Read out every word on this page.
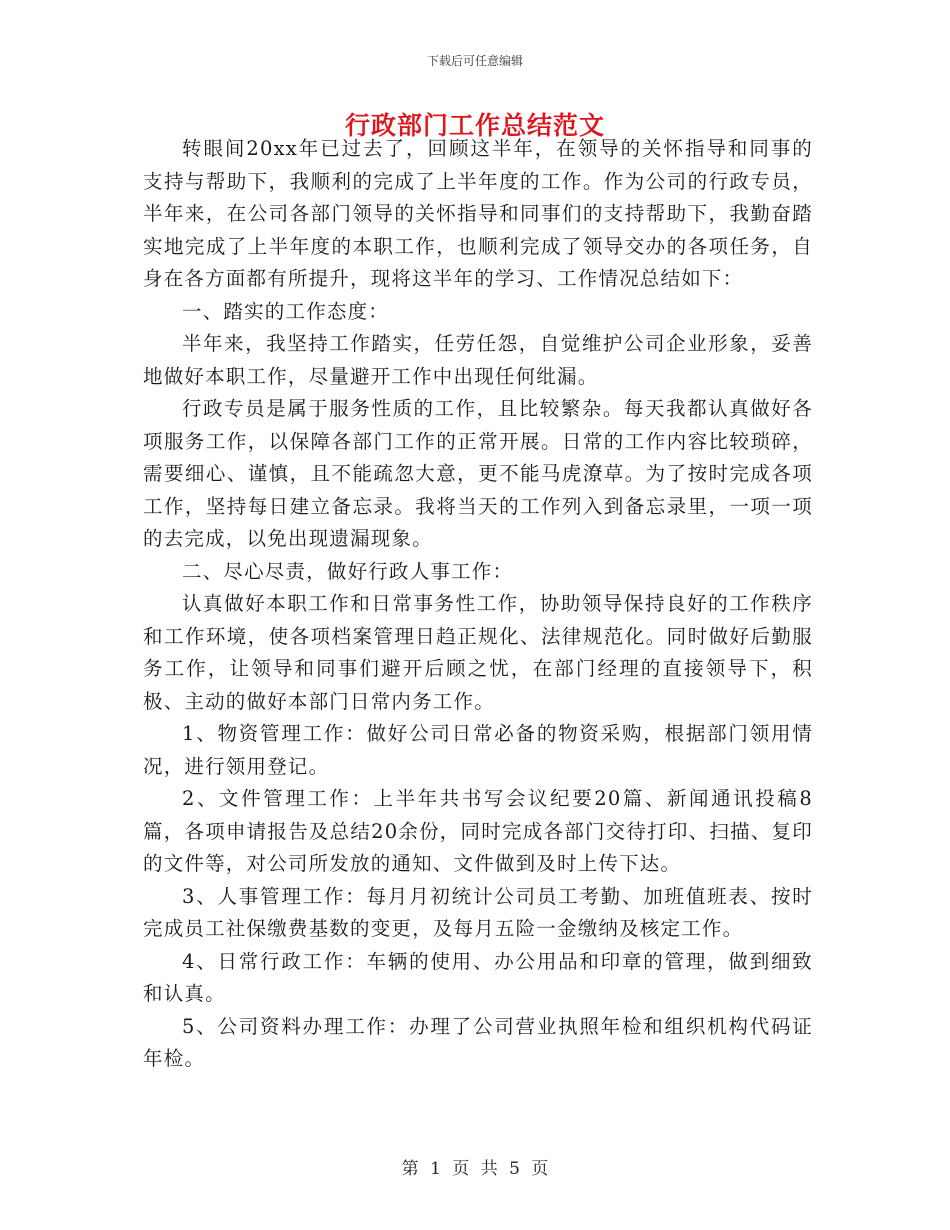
下载后可任意编辑
行政部门工作总结范文

转眼间20xx年已过去了，回顾这半年，在领导的关怀指导和同事的支持与帮助下，我顺利的完成了上半年度的工作。作为公司的行政专员，半年来，在公司各部门领导的关怀指导和同事们的支持帮助下，我勤奋踏实地完成了上半年度的本职工作，也顺利完成了领导交办的各项任务，自身在各方面都有所提升，现将这半年的学习、工作情况总结如下：

一、踏实的工作态度：

半年来，我坚持工作踏实，任劳任怨，自觉维护公司企业形象，妥善地做好本职工作，尽量避开工作中出现任何纰漏。

行政专员是属于服务性质的工作，且比较繁杂。每天我都认真做好各项服务工作，以保障各部门工作的正常开展。日常的工作内容比较琐碎，需要细心、谨慎，且不能疏忽大意，更不能马虎潦草。为了按时完成各项工作，坚持每日建立备忘录。我将当天的工作列入到备忘录里，一项一项的去完成，以免出现遗漏现象。

二、尽心尽责，做好行政人事工作：

认真做好本职工作和日常事务性工作，协助领导保持良好的工作秩序和工作环境，使各项档案管理日趋正规化、法律规范化。同时做好后勤服务工作，让领导和同事们避开后顾之忧，在部门经理的直接领导下，积极、主动的做好本部门日常内务工作。

1、物资管理工作：做好公司日常必备的物资采购，根据部门领用情况，进行领用登记。

2、文件管理工作：上半年共书写会议纪要20篇、新闻通讯投稿8篇，各项申请报告及总结20余份，同时完成各部门交待打印、扫描、复印的文件等，对公司所发放的通知、文件做到及时上传下达。

3、人事管理工作：每月月初统计公司员工考勤、加班值班表、按时完成员工社保缴费基数的变更，及每月五险一金缴纳及核定工作。

4、日常行政工作：车辆的使用、办公用品和印章的管理，做到细致和认真。

5、公司资料办理工作：办理了公司营业执照年检和组织机构代码证年检。

第 1 页 共 5 页
